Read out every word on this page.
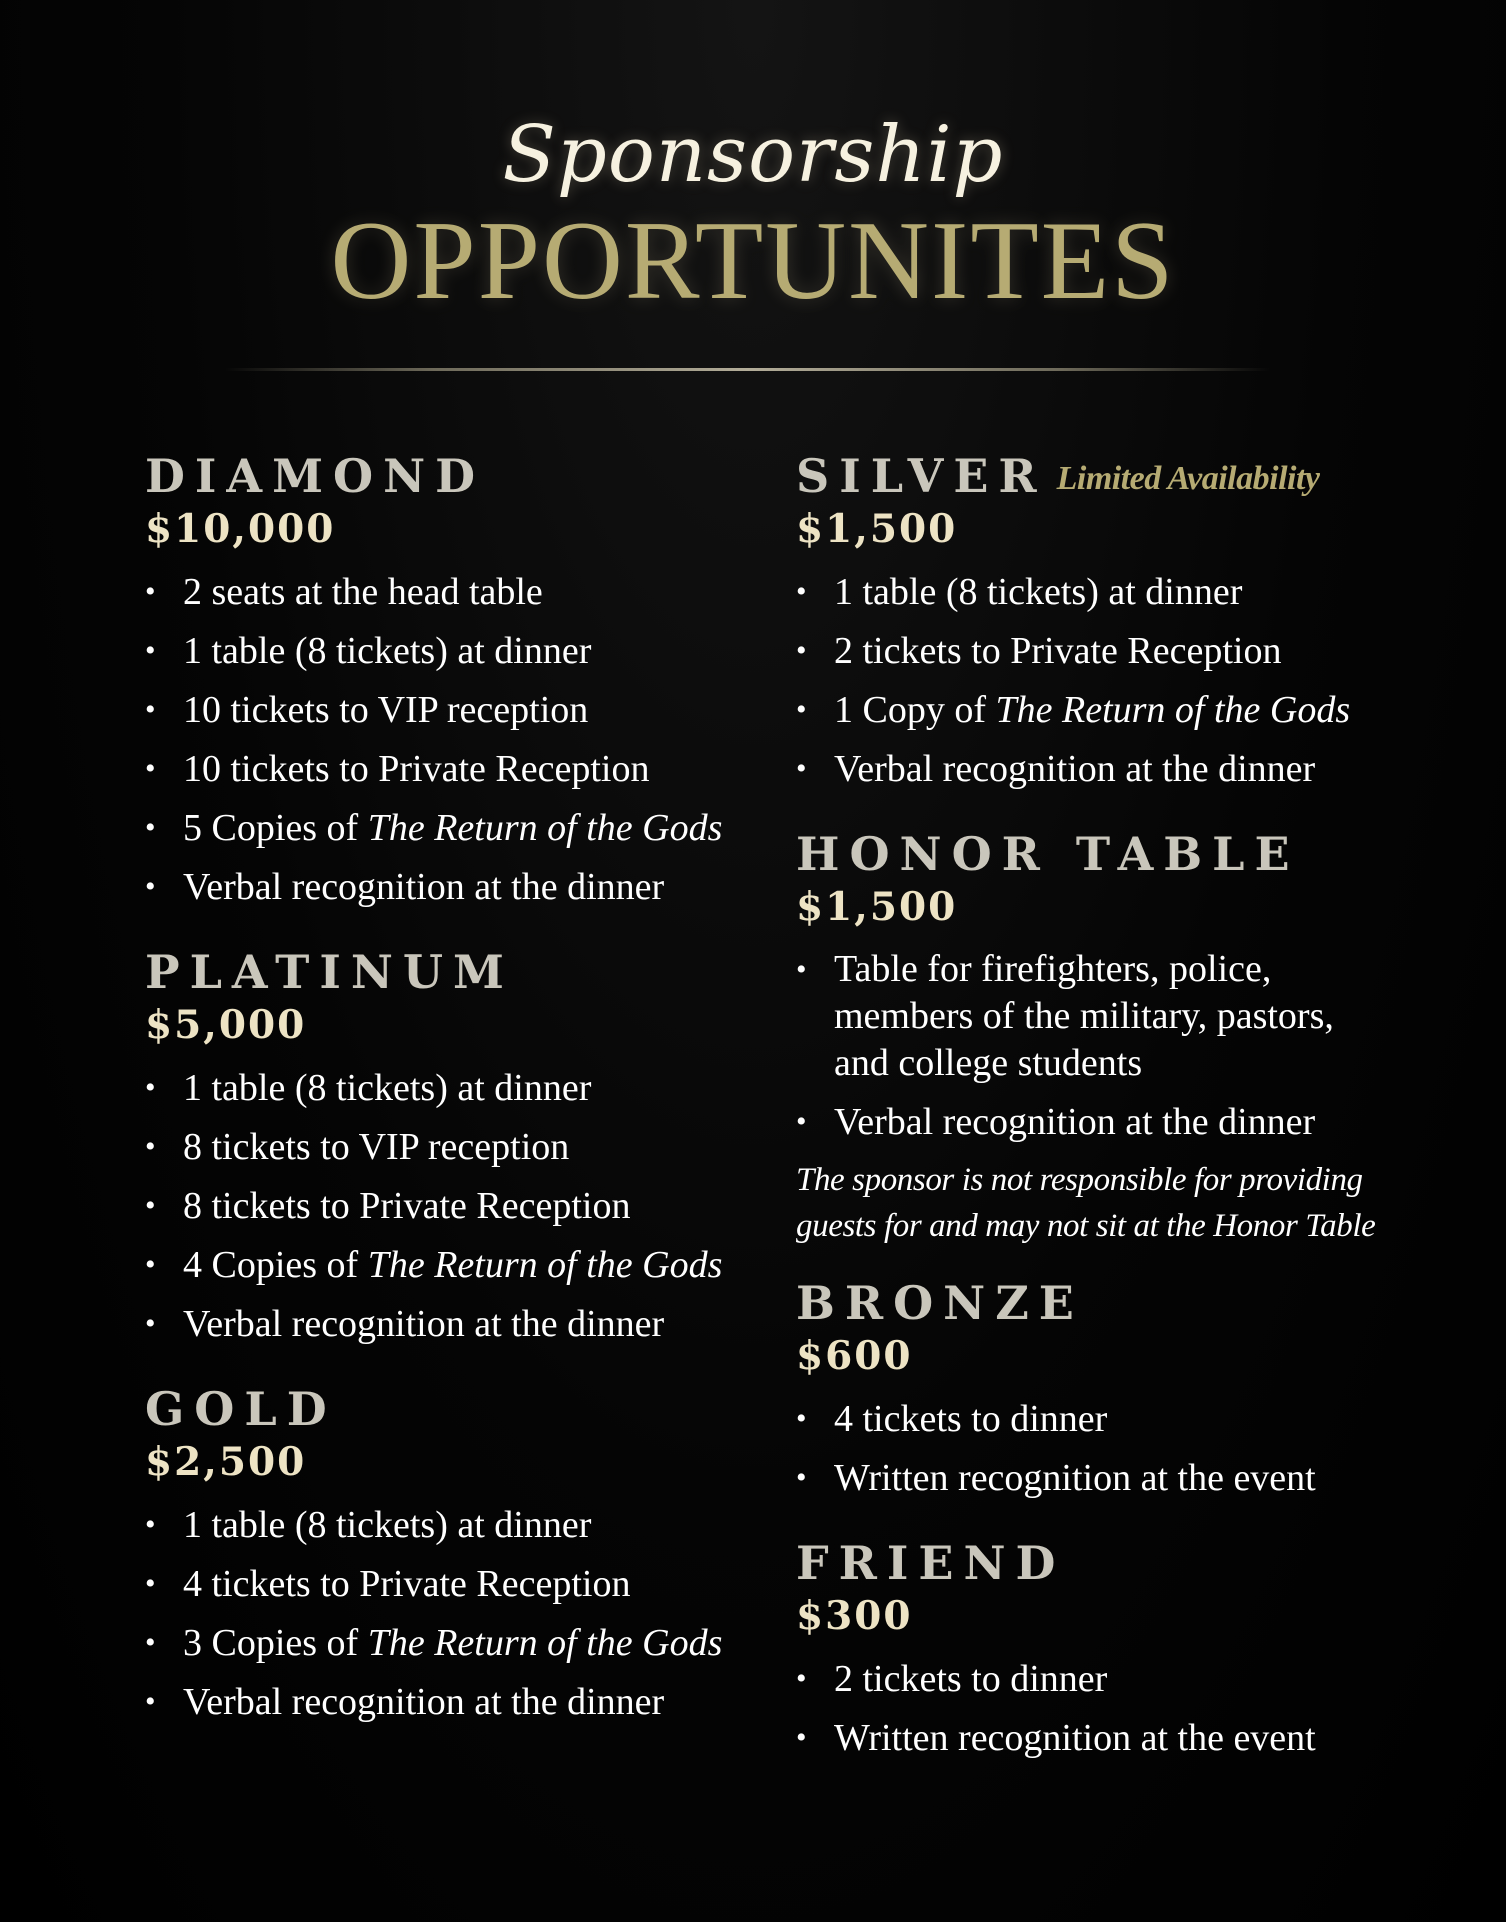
Sponsorship
OPPORTUNITES
DIAMOND
$10,000
• 2 seats at the head table
• 1 table (8 tickets) at dinner
• 10 tickets to VIP reception
• 10 tickets to Private Reception
• 5 Copies of The Return of the Gods
• Verbal recognition at the dinner
PLATINUM
$5,000
• 1 table (8 tickets) at dinner
• 8 tickets to VIP reception
• 8 tickets to Private Reception
• 4 Copies of The Return of the Gods
• Verbal recognition at the dinner
GOLD
$2,500
• 1 table (8 tickets) at dinner
• 4 tickets to Private Reception
• 3 Copies of The Return of the Gods
• Verbal recognition at the dinner
SILVER Limited Availability
$1,500
• 1 table (8 tickets) at dinner
• 2 tickets to Private Reception
• 1 Copy of The Return of the Gods
• Verbal recognition at the dinner
HONOR TABLE
$1,500
• Table for firefighters, police, members of the military, pastors, and college students
• Verbal recognition at the dinner
The sponsor is not responsible for providing guests for and may not sit at the Honor Table
BRONZE
$600
• 4 tickets to dinner
• Written recognition at the event
FRIEND
$300
• 2 tickets to dinner
• Written recognition at the event
